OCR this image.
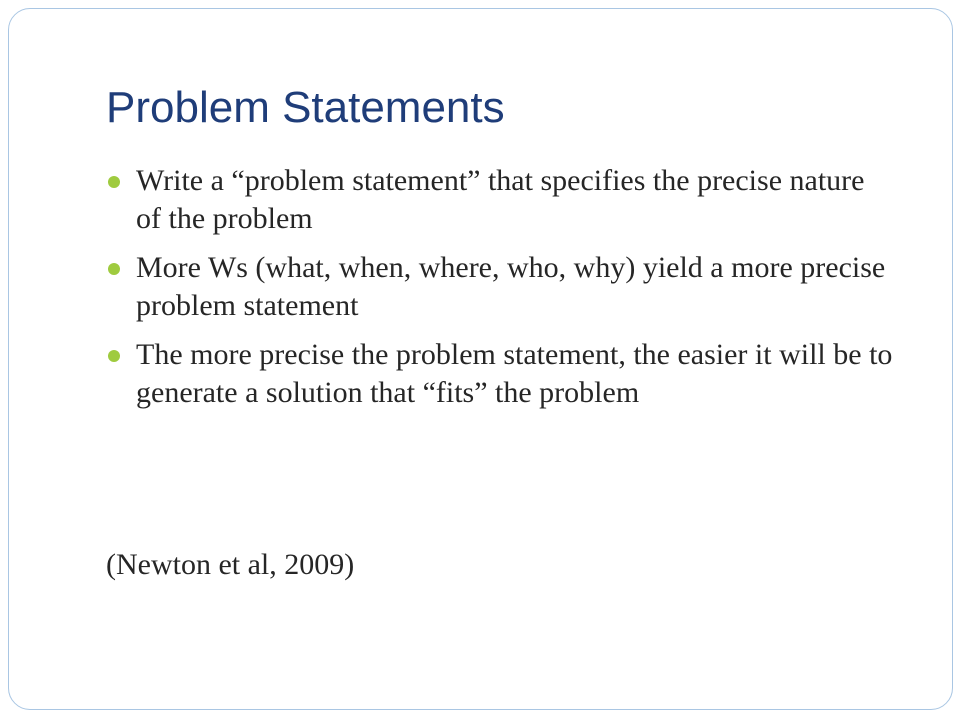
Problem Statements
Write a “problem statement” that specifies the precise nature of the problem
More Ws (what, when, where, who, why) yield a more precise problem statement
The more precise the problem statement, the easier it will be to generate a solution that “fits” the problem

(Newton et al, 2009)
